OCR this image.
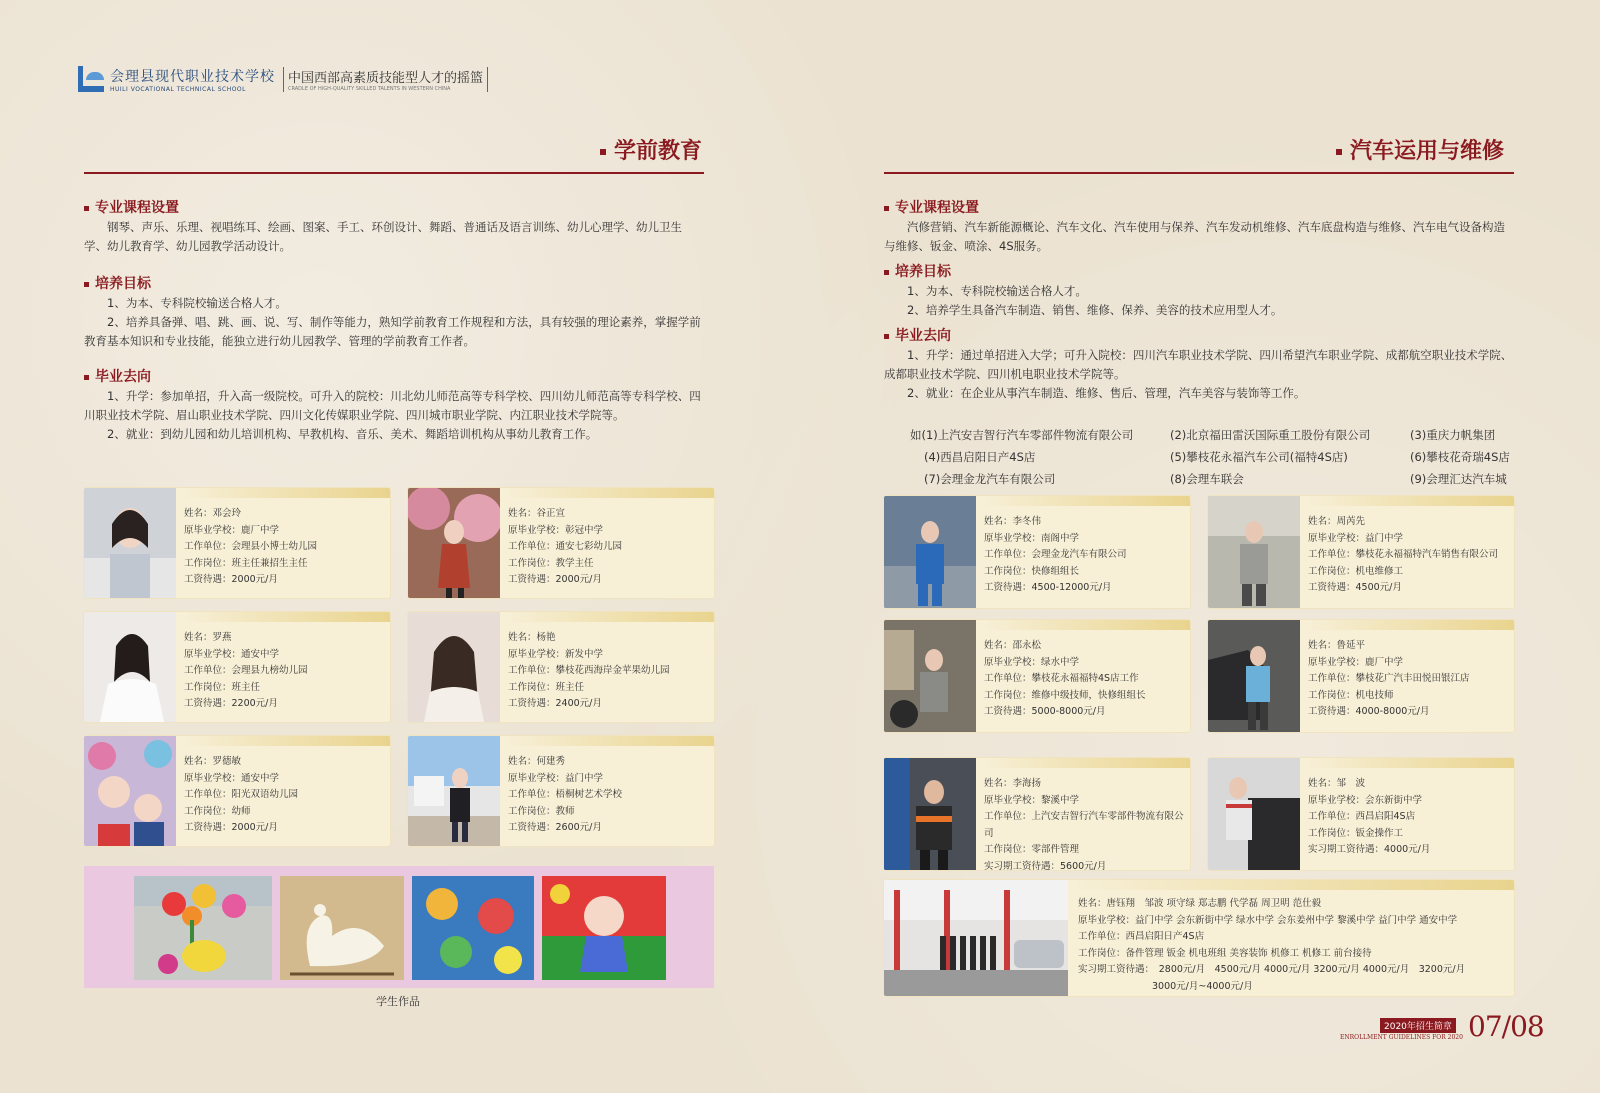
会理县现代职业技术学校
HUILI VOCATIONAL TECHNICAL SCHOOL
中国西部高素质技能型人才的摇篮
CRADLE OF HIGH-QUALITY SKILLED TALENTS IN WESTERN CHINA
学前教育
专业课程设置
钢琴、声乐、乐理、视唱练耳、绘画、图案、手工、环创设计、舞蹈、普通话及语言训练、幼儿心理学、幼儿卫生学、幼儿教育学、幼儿园教学活动设计。
培养目标
1、为本、专科院校输送合格人才。
2、培养具备弹、唱、跳、画、说、写、制作等能力，熟知学前教育工作规程和方法，具有较强的理论素养，掌握学前教育基本知识和专业技能，能独立进行幼儿园教学、管理的学前教育工作者。
毕业去向
1、升学：参加单招，升入高一级院校。可升入的院校：川北幼儿师范高等专科学校、四川幼儿师范高等专科学校、四川职业技术学院、眉山职业技术学院、四川文化传媒职业学院、四川城市职业学院、内江职业技术学院等。
2、就业：到幼儿园和幼儿培训机构、早教机构、音乐、美术、舞蹈培训机构从事幼儿教育工作。
姓名：邓会玲
原毕业学校：鹿厂中学
工作单位：会理县小博士幼儿园
工作岗位：班主任兼招生主任
工资待遇：2000元/月
姓名：谷正宣
原毕业学校：彰冠中学
工作单位：通安七彩幼儿园
工作岗位：教学主任
工资待遇：2000元/月
姓名：罗燕
原毕业学校：通安中学
工作单位：会理县九榜幼儿园
工作岗位：班主任
工资待遇：2200元/月
姓名：杨艳
原毕业学校：新发中学
工作单位：攀枝花西海岸金苹果幼儿园
工作岗位：班主任
工资待遇：2400元/月
姓名：罗德敏
原毕业学校：通安中学
工作单位：阳光双语幼儿园
工作岗位：幼师
工资待遇：2000元/月
姓名：何建秀
原毕业学校：益门中学
工作单位：梧桐树艺术学校
工作岗位：教师
工资待遇：2600元/月
学生作品
汽车运用与维修
专业课程设置
汽修营销、汽车新能源概论、汽车文化、汽车使用与保养、汽车发动机维修、汽车底盘构造与维修、汽车电气设备构造与维修、钣金、喷涂、4S服务。
培养目标
1、为本、专科院校输送合格人才。
2、培养学生具备汽车制造、销售、维修、保养、美容的技术应用型人才。
毕业去向
1、升学：通过单招进入大学；可升入院校：四川汽车职业技术学院、四川希望汽车职业学院、成都航空职业技术学院、成都职业技术学院、四川机电职业技术学院等。
2、就业：在企业从事汽车制造、维修、售后、管理，汽车美容与装饰等工作。
如(1)上汽安吉智行汽车零部件物流有限公司	(2)北京福田雷沃国际重工股份有限公司	(3)重庆力帆集团
(4)西昌启阳日产4S店	(5)攀枝花永福汽车公司(福特4S店)	(6)攀枝花奇瑞4S店
(7)会理金龙汽车有限公司	(8)会理车联会	(9)会理汇达汽车城
姓名：李冬伟
原毕业学校：南阁中学
工作单位：会理金龙汽车有限公司
工作岗位：快修组组长
工资待遇：4500-12000元/月
姓名：周芮先
原毕业学校：益门中学
工作单位：攀枝花永福福特汽车销售有限公司
工作岗位：机电维修工
工资待遇：4500元/月
姓名：邵永松
原毕业学校：绿水中学
工作单位：攀枝花永福福特4S店工作
工作岗位：维修中级技师，快修组组长
工资待遇：5000-8000元/月
姓名：鲁延平
原毕业学校：鹿厂中学
工作单位：攀枝花广汽丰田悦田银江店
工作岗位：机电技师
工资待遇：4000-8000元/月
姓名：李海扬
原毕业学校：黎溪中学
工作单位：上汽安吉智行汽车零部件物流有限公司
工作岗位：零部件管理
实习期工资待遇：5600元/月
姓名：邹　波
原毕业学校：会东新街中学
工作单位：西昌启阳4S店
工作岗位：钣金操作工
实习期工资待遇：4000元/月
姓名：唐钰翔　邹波 项守绿 郑志鹏 代学磊 周卫明 范仕毅
原毕业学校：益门中学 会东新街中学 绿水中学 会东姜州中学 黎溪中学 益门中学 通安中学
工作单位：西昌启阳日产4S店
工作岗位：备件管理 钣金 机电班组 美容装饰 机修工 机修工 前台接待
实习期工资待遇：　2800元/月　4500元/月 4000元/月 3200元/月 4000元/月　3200元/月
3000元/月~4000元/月
2020年招生简章
ENROLLMENT GUIDELINES FOR 2020 07/08
